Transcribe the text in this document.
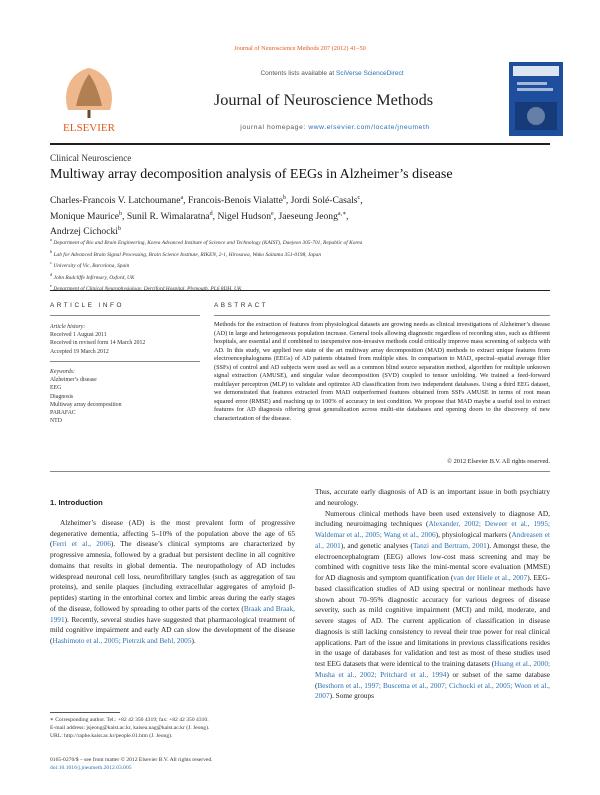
Journal of Neuroscience Methods 207 (2012) 41–50
ELSEVIER
Contents lists available at SciVerse ScienceDirect
Journal of Neuroscience Methods
journal homepage: www.elsevier.com/locate/jneumeth
Clinical Neuroscience
Multiway array decomposition analysis of EEGs in Alzheimer’s disease
Charles-Francois V. Latchoumane$^a$, Francois-Benois Vialatte$^b$, Jordi Solé-Casals$^c$,
Monique Maurice$^b$, Sunil R. Wimalaratna$^d$, Nigel Hudson$^e$, Jaeseung Jeong$^{a,∗}$,
Andrzej Cichocki$^b$
$^a$ Department of Bio and Brain Engineering, Korea Advanced Institute of Science and Technology (KAIST), Daejeon 305-701, Republic of Korea
$^b$ Lab for Advanced Brain Signal Processing, Brain Science Institute, RIKEN, 2-1, Hirosawa, Wako Saitama 351-0198, Japan
$^c$ University of Vic, Barcelona, Spain
$^d$ John Radcliffe Infirmary, Oxford, UK
$^e$ Department of Clinical Neurophysiology, Derriford Hospital, Plymouth, PL6 8DH, UK
ARTICLE INFO	ABSTRACT
Article history:
Received 1 August 2011
Received in revised form 14 March 2012
Accepted 19 March 2012
Keywords:
Alzheimer’s disease
EEG
Diagnosis
Multiway array decomposition
PARAFAC
NTD
Methods for the extraction of features from physiological datasets are growing needs as clinical investigations of Alzheimer’s disease (AD) in large and heterogeneous population increase. General tools allowing diagnostic regardless of recording sites, such as different hospitals, are essential and if combined to inexpensive non-invasive methods could critically improve mass screening of subjects with AD. In this study, we applied two state of the art multiway array decomposition (MAD) methods to extract unique features from electroencephalograms (EEGs) of AD patients obtained from multiple sites. In comparison to MAD, spectral–spatial average filter (SSFs) of control and AD subjects were used as well as a common blind source separation method, algorithm for multiple unknown signal extraction (AMUSE), and singular value decomposition (SVD) coupled to tensor unfolding. We trained a feed-forward multilayer perceptron (MLP) to validate and optimize AD classification from two independent databases. Using a third EEG dataset, we demonstrated that features extracted from MAD outperformed features obtained from SSFs AMUSE in terms of root mean squared error (RMSE) and reaching up to 100% of accuracy in test condition. We propose that MAD maybe a useful tool to extract features for AD diagnosis offering great generalization across multi-site databases and opening doors to the discovery of new characterization of the disease.
© 2012 Elsevier B.V. All rights reserved.

1. Introduction

Alzheimer’s disease (AD) is the most prevalent form of progressive degenerative dementia, affecting 5–10% of the population above the age of 65 (Ferri et al., 2006). The disease’s clinical symptoms are characterized by progressive amnesia, followed by a gradual but persistent decline in all cognitive domains that results in global dementia. The neuropathology of AD includes widespread neuronal cell loss, neurofibrillary tangles (such as aggregation of tau proteins), and senile plaques (including extracellular aggregates of amyloid β-peptides) starting in the entorhinal cortex and limbic areas during the early stages of the disease, followed by spreading to other parts of the cortex (Braak and Braak, 1991). Recently, several studies have suggested that pharmacological treatment of mild cognitive impairment and early AD can slow the development of the disease (Hashimoto et al., 2005; Pietrzik and Behl, 2005).

Thus, accurate early diagnosis of AD is an important issue in both psychiatry and neurology.

Numerous clinical methods have been used extensively to diagnose AD, including neuroimaging techniques (Alexander, 2002; Deweer et al., 1995; Waldemar et al., 2005; Wang et al., 2006), physiological markers (Andreasen et al., 2001), and genetic analyses (Tanzi and Bertram, 2001). Amongst these, the electroencephalogram (EEG) allows low-cost mass screening and may be combined with cognitive tests like the mini-mental score evaluation (MMSE) for AD diagnosis and symptom quantification (van der Hiele et al., 2007). EEG-based classification studies of AD using spectral or nonlinear methods have shown about 70–95% diagnostic accuracy for various degrees of disease severity, such as mild cognitive impairment (MCI) and mild, moderate, and severe stages of AD. The current application of classification in disease diagnosis is still lacking consistency to reveal their true power for real clinical applications. Part of the issue and limitations in previous classifications resides in the usage of databases for validation and test as most of these studies used test EEG datasets that were identical to the training datasets (Huang et al., 2000; Musha et al., 2002; Pritchard et al., 1994) or subset of the same database (Besthorn et al., 1997; Buscema et al., 2007; Cichocki et al., 2005; Woon et al., 2007). Some groups

∗ Corresponding author. Tel.: +82 42 350 4319; fax: +82 42 350 4310.
E-mail address: jsjeong@kaist.ac.kr, kaisea.nag@kaist.ac.kr (J. Jeong).
URL: http://raphe.kaist.ac.kr/people.01.htm (J. Jeong).
0165-0270/$ – see front matter © 2012 Elsevier B.V. All rights reserved.
doi:10.1016/j.jneumeth.2012.03.005
